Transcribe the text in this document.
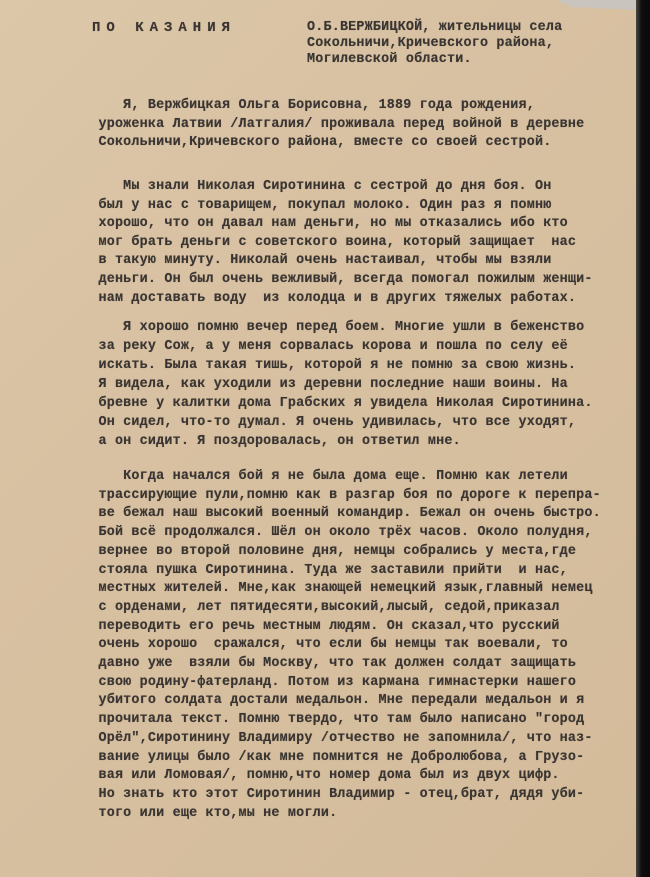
ПО КАЗАНИЯ	О.Б.ВЕРЖБИЦКОЙ, жительницы села
Сокольничи,Кричевского района,
Могилевской области.
Я, Вержбицкая Ольга Борисовна, 1889 года рождения,
уроженка Латвии /Латгалия/ проживала перед войной в деревне
Сокольничи,Кричевского района, вместе со своей сестрой.
Мы знали Николая Сиротинина с сестрой до дня боя. Он
был у нас с товарищем, покупал молоко. Один раз я помню
хорошо, что он давал нам деньги, но мы отказались ибо кто
мог брать деньги с советского воина, который защищает  нас
в такую минуту. Николай очень настаивал, чтобы мы взяли
деньги. Он был очень вежливый, всегда помогал пожилым женщи-
нам доставать воду  из колодца и в других тяжелых работах.
Я хорошо помню вечер перед боем. Многие ушли в беженство
за реку Сож, а у меня сорвалась корова и пошла по селу её
искать. Была такая тишь, которой я не помню за свою жизнь.
Я видела, как уходили из деревни последние наши воины. На
бревне у калитки дома Грабских я увидела Николая Сиротинина.
Он сидел, что-то думал. Я очень удивилась, что все уходят,
а он сидит. Я поздоровалась, он ответил мне.
Когда начался бой я не была дома еще. Помню как летели
трассирующие пули,помню как в разгар боя по дороге к перепра-
ве бежал наш высокий военный командир. Бежал он очень быстро.
Бой всё продолжался. Шёл он около трёх часов. Около полудня,
вернее во второй половине дня, немцы собрались у места,где
стояла пушка Сиротинина. Туда же заставили прийти  и нас,
местных жителей. Мне,как знающей немецкий язык,главный немец
с орденами, лет пятидесяти,высокий,лысый, седой,приказал
переводить его речь местным людям. Он сказал,что русский
очень хорошо  сражался, что если бы немцы так воевали, то
давно уже  взяли бы Москву, что так должен солдат защищать
свою родину-фатерланд. Потом из кармана гимнастерки нашего
убитого солдата достали медальон. Мне передали медальон и я
прочитала текст. Помню твердо, что там было написано "город
Орёл",Сиротинину Владимиру /отчество не запомнила/, что наз-
вание улицы было /как мне помнится не Добролюбова, а Грузо-
вая или Ломовая/, помню,что номер дома был из двух цифр.
Но знать кто этот Сиротинин Владимир - отец,брат, дядя уби-
того или еще кто,мы не могли.
